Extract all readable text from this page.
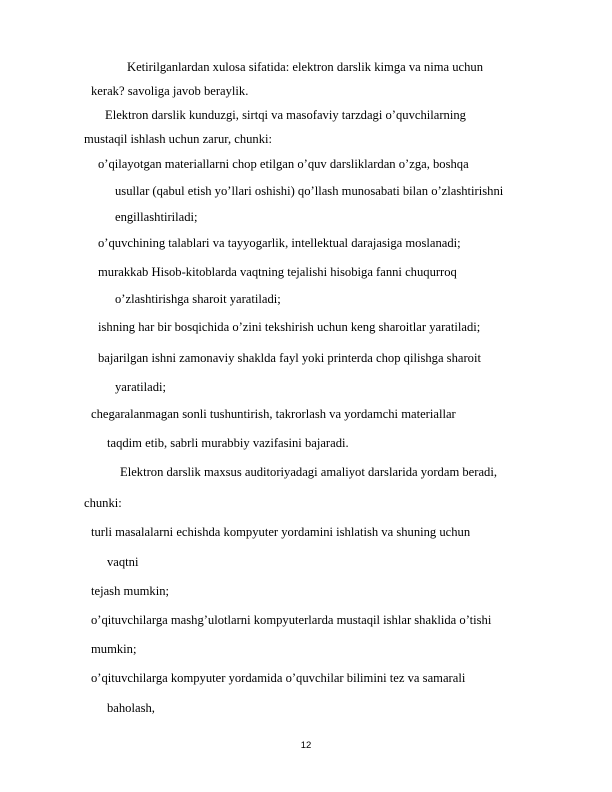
Ketirilganlardan xulosa sifatida: elektron darslik kimga va nima uchun
kerak? savoliga javob beraylik.
Elektron darslik kunduzgi, sirtqi va masofaviy tarzdagi o’quvchilarning
mustaqil ishlash uchun zarur, chunki:
o’qilayotgan materiallarni chop etilgan o’quv darsliklardan o’zga, boshqa
usullar (qabul etish yo’llari oshishi) qo’llash munosabati bilan o’zlashtirishni
engillashtiriladi;
o’quvchining talablari va tayyogarlik, intellektual darajasiga moslanadi;
murakkab Hisob-kitoblarda vaqtning tejalishi hisobiga fanni chuqurroq
o’zlashtirishga sharoit yaratiladi;
ishning har bir bosqichida o’zini tekshirish uchun keng sharoitlar yaratiladi;
bajarilgan ishni zamonaviy shaklda fayl yoki printerda chop qilishga sharoit
yaratiladi;
chegaralanmagan sonli tushuntirish, takrorlash va yordamchi materiallar
taqdim etib, sabrli murabbiy vazifasini bajaradi.
Elektron darslik maxsus auditoriyadagi amaliyot darslarida yordam beradi,
chunki:
turli masalalarni echishda kompyuter yordamini ishlatish va shuning uchun
vaqtni
tejash mumkin;
o’qituvchilarga mashg’ulotlarni kompyuterlarda mustaqil ishlar shaklida o’tishi
mumkin;
o’qituvchilarga kompyuter yordamida o’quvchilar bilimini tez va samarali
baholash,
12
